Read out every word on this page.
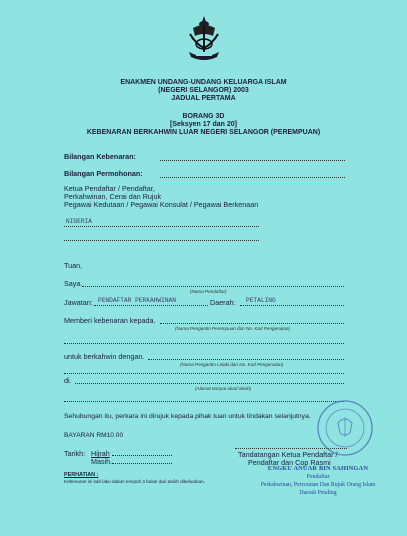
ENAKMEN UNDANG-UNDANG KELUARGA ISLAM
(NEGERI SELANGOR) 2003
JADUAL PERTAMA
BORANG 3D
[Seksyen 17 dan 20]
KEBENARAN BERKAHWIN LUAR NEGERI SELANGOR (PEREMPUAN)
Bilangan Kebenaran:
Bilangan Permohonan:
Ketua Pendaftar / Pendaftar,
Perkahwinan, Cerai dan Rujuk
Pegawai Kedutaan / Pegawai Konsulat / Pegawai Berkenaan
NIGERIA
Tuan,
Saya.
(Nama Pendaftar)
Jawatan: PENDAFTAR PERKAHWINAN	Daerah: PETALING
Memberi kebenaran kepada.
(Nama Pengantin Perempuan dan No. Kad Pengenalan)
untuk berkahwin dengan.
(Nama Pengantin Lelaki dan No. Kad Pengenalan)
di.
(Alamat tempat akad nikah)
Sehubungan itu, perkara ini dirujuk kepada pihak tuan untuk tindakan selanjutnya.
BAYARAN RM10.00
Tarikh: Hijrah
Masih.
Tandatangan Ketua Pendaftar /
Pendaftar dan Cop Rasmi
ENGKU ANUAR BIN SAHINGAN
Pendaftar
Perkahwinan, Perceraian Dan Rujuk Orang Islam
Daerah Petaling
PERHATIAN :
Kebenaran ini sah laku dalam tempoh 3 bulan dari tarikh dikeluarkan.
